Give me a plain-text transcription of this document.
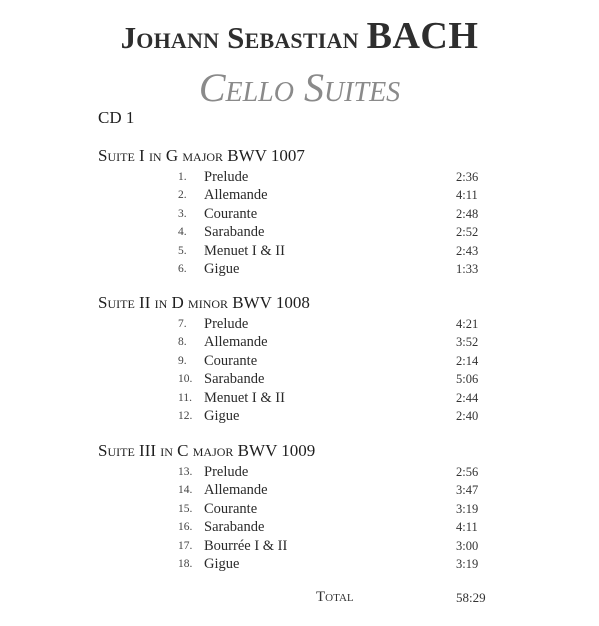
Johann Sebastian BACH
Cello Suites
CD 1
Suite I in G major BWV 1007
1. Prelude	2:36
2. Allemande	4:11
3. Courante	2:48
4. Sarabande	2:52
5. Menuet I & II	2:43
6. Gigue	1:33
Suite II in D minor BWV 1008
7. Prelude	4:21
8. Allemande	3:52
9. Courante	2:14
10. Sarabande	5:06
11. Menuet I & II	2:44
12. Gigue	2:40
Suite III in C major BWV 1009
13. Prelude	2:56
14. Allemande	3:47
15. Courante	3:19
16. Sarabande	4:11
17. Bourrée I & II	3:00
18. Gigue	3:19
Total	58:29
